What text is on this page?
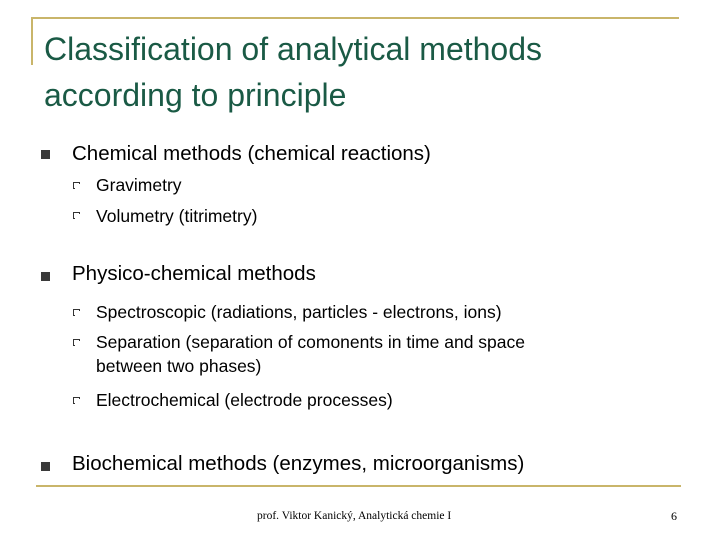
Classification of analytical methods
according to principle
Chemical methods (chemical reactions)
Gravimetry
Volumetry (titrimetry)
Physico-chemical methods
Spectroscopic (radiations, particles - electrons, ions)
Separation (separation of comonents in time and space
between two phases)
Electrochemical (electrode processes)
Biochemical methods (enzymes, microorganisms)
prof. Viktor Kanický, Analytická chemie I	6
